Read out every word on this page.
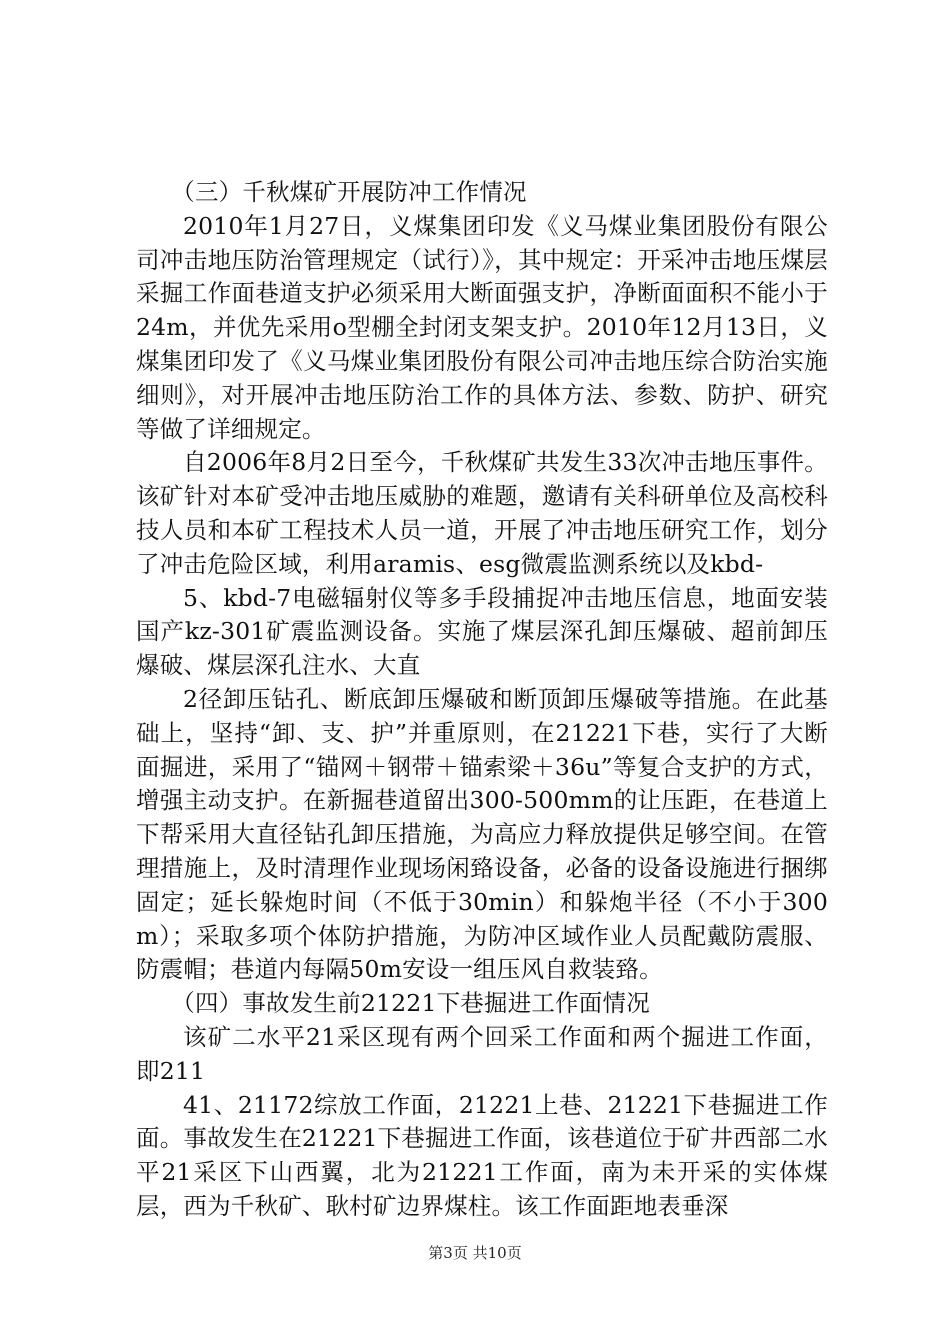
（三）千秋煤矿开展防冲工作情况

2010年1月27日，义煤集团印发《义马煤业集团股份有限公司冲击地压防治管理规定（试行）》，其中规定：开采冲击地压煤层采掘工作面巷道支护必须采用大断面强支护，净断面面积不能小于24m，并优先采用o型棚全封闭支架支护。2010年12月13日，义煤集团印发了《义马煤业集团股份有限公司冲击地压综合防治实施细则》，对开展冲击地压防治工作的具体方法、参数、防护、研究等做了详细规定。

自2006年8月2日至今，千秋煤矿共发生33次冲击地压事件。该矿针对本矿受冲击地压威胁的难题，邀请有关科研单位及高校科技人员和本矿工程技术人员一道，开展了冲击地压研究工作，划分了冲击危险区域，利用aramis、esg微震监测系统以及kbd-

5、kbd-7电磁辐射仪等多手段捕捉冲击地压信息，地面安装国产kz-301矿震监测设备。实施了煤层深孔卸压爆破、超前卸压爆破、煤层深孔注水、大直

2径卸压钻孔、断底卸压爆破和断顶卸压爆破等措施。在此基础上，坚持“卸、支、护”并重原则，在21221下巷，实行了大断面掘进，采用了“锚网＋钢带＋锚索梁＋36u”等复合支护的方式，增强主动支护。在新掘巷道留出300-500mm的让压距，在巷道上下帮采用大直径钻孔卸压措施，为高应力释放提供足够空间。在管理措施上，及时清理作业现场闲臵设备，必备的设备设施进行捆绑固定；延长躲炮时间（不低于30min）和躲炮半径（不小于300m）；采取多项个体防护措施，为防冲区域作业人员配戴防震服、防震帽；巷道内每隔50m安设一组压风自救装臵。

（四）事故发生前21221下巷掘进工作面情况

该矿二水平21采区现有两个回采工作面和两个掘进工作面，即211

41、21172综放工作面，21221上巷、21221下巷掘进工作面。事故发生在21221下巷掘进工作面，该巷道位于矿井西部二水平21采区下山西翼，北为21221工作面，南为未开采的实体煤层，西为千秋矿、耿村矿边界煤柱。该工作面距地表垂深

第3页 共10页
